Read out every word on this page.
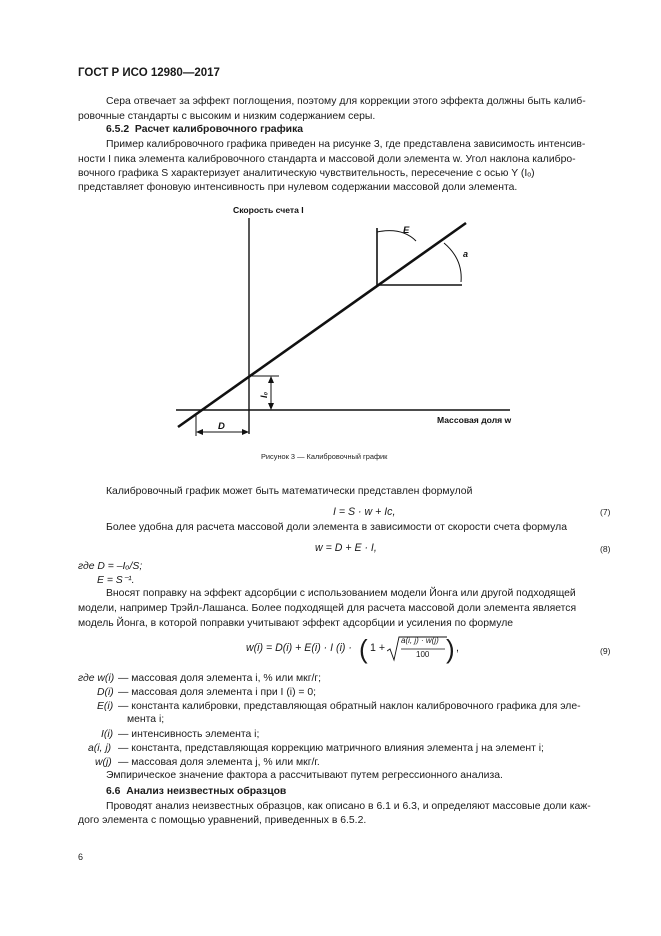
ГОСТ Р ИСО 12980—2017
Сера отвечает за эффект поглощения, поэтому для коррекции этого эффекта должны быть калиб-
ровочные стандарты с высоким и низким содержанием серы.
6.5.2 Расчет калибровочного графика
Пример калибровочного графика приведен на рисунке 3, где представлена зависимость интенсив-
ности I пика элемента калибровочного стандарта и массовой доли элемента w. Угол наклона калибро-
вочного графика S характеризует аналитическую чувствительность, пересечение с осью Y (Iₒ)
представляет фоновую интенсивность при нулевом содержании массовой доли элемента.
Скорость счета I
Массовая доля w
E
a
D
I₀
Рисунок 3 — Калибровочный график
Калибровочный график может быть математически представлен формулой
I = S · w + Ic,	(7)
Более удобна для расчета массовой доли элемента в зависимости от скорости счета формула
w = D + E · I,	(8)
где D = –Iₒ/S;
E = S⁻¹.
Вносят поправку на эффект адсорбции с использованием модели Йонга или другой подходящей
модели, например Трэйл-Лашанса. Более подходящей для расчета массовой доли элемента является
модель Йонга, в которой поправки учитывают эффект адсорбции и усиления по формуле
w(i) = D(i) + E(i) · I (i) · ( 1 +
a(i, j) · w(j)
100 ) ,	(9)
где w(i) — массовая доля элемента i, % или мкг/г;
D(i) — массовая доля элемента i при I (i) = 0;
E(i) — константа калибровки, представляющая обратный наклон калибровочного графика для эле-
мента i;
I(i) — интенсивность элемента i;
a(i, j) — константа, представляющая коррекцию матричного влияния элемента j на элемент i;
w(j) — массовая доля элемента j, % или мкг/г.
Эмпирическое значение фактора a рассчитывают путем регрессионного анализа.
6.6 Анализ неизвестных образцов
Проводят анализ неизвестных образцов, как описано в 6.1 и 6.3, и определяют массовые доли каж-
дого элемента с помощью уравнений, приведенных в 6.5.2.
6
